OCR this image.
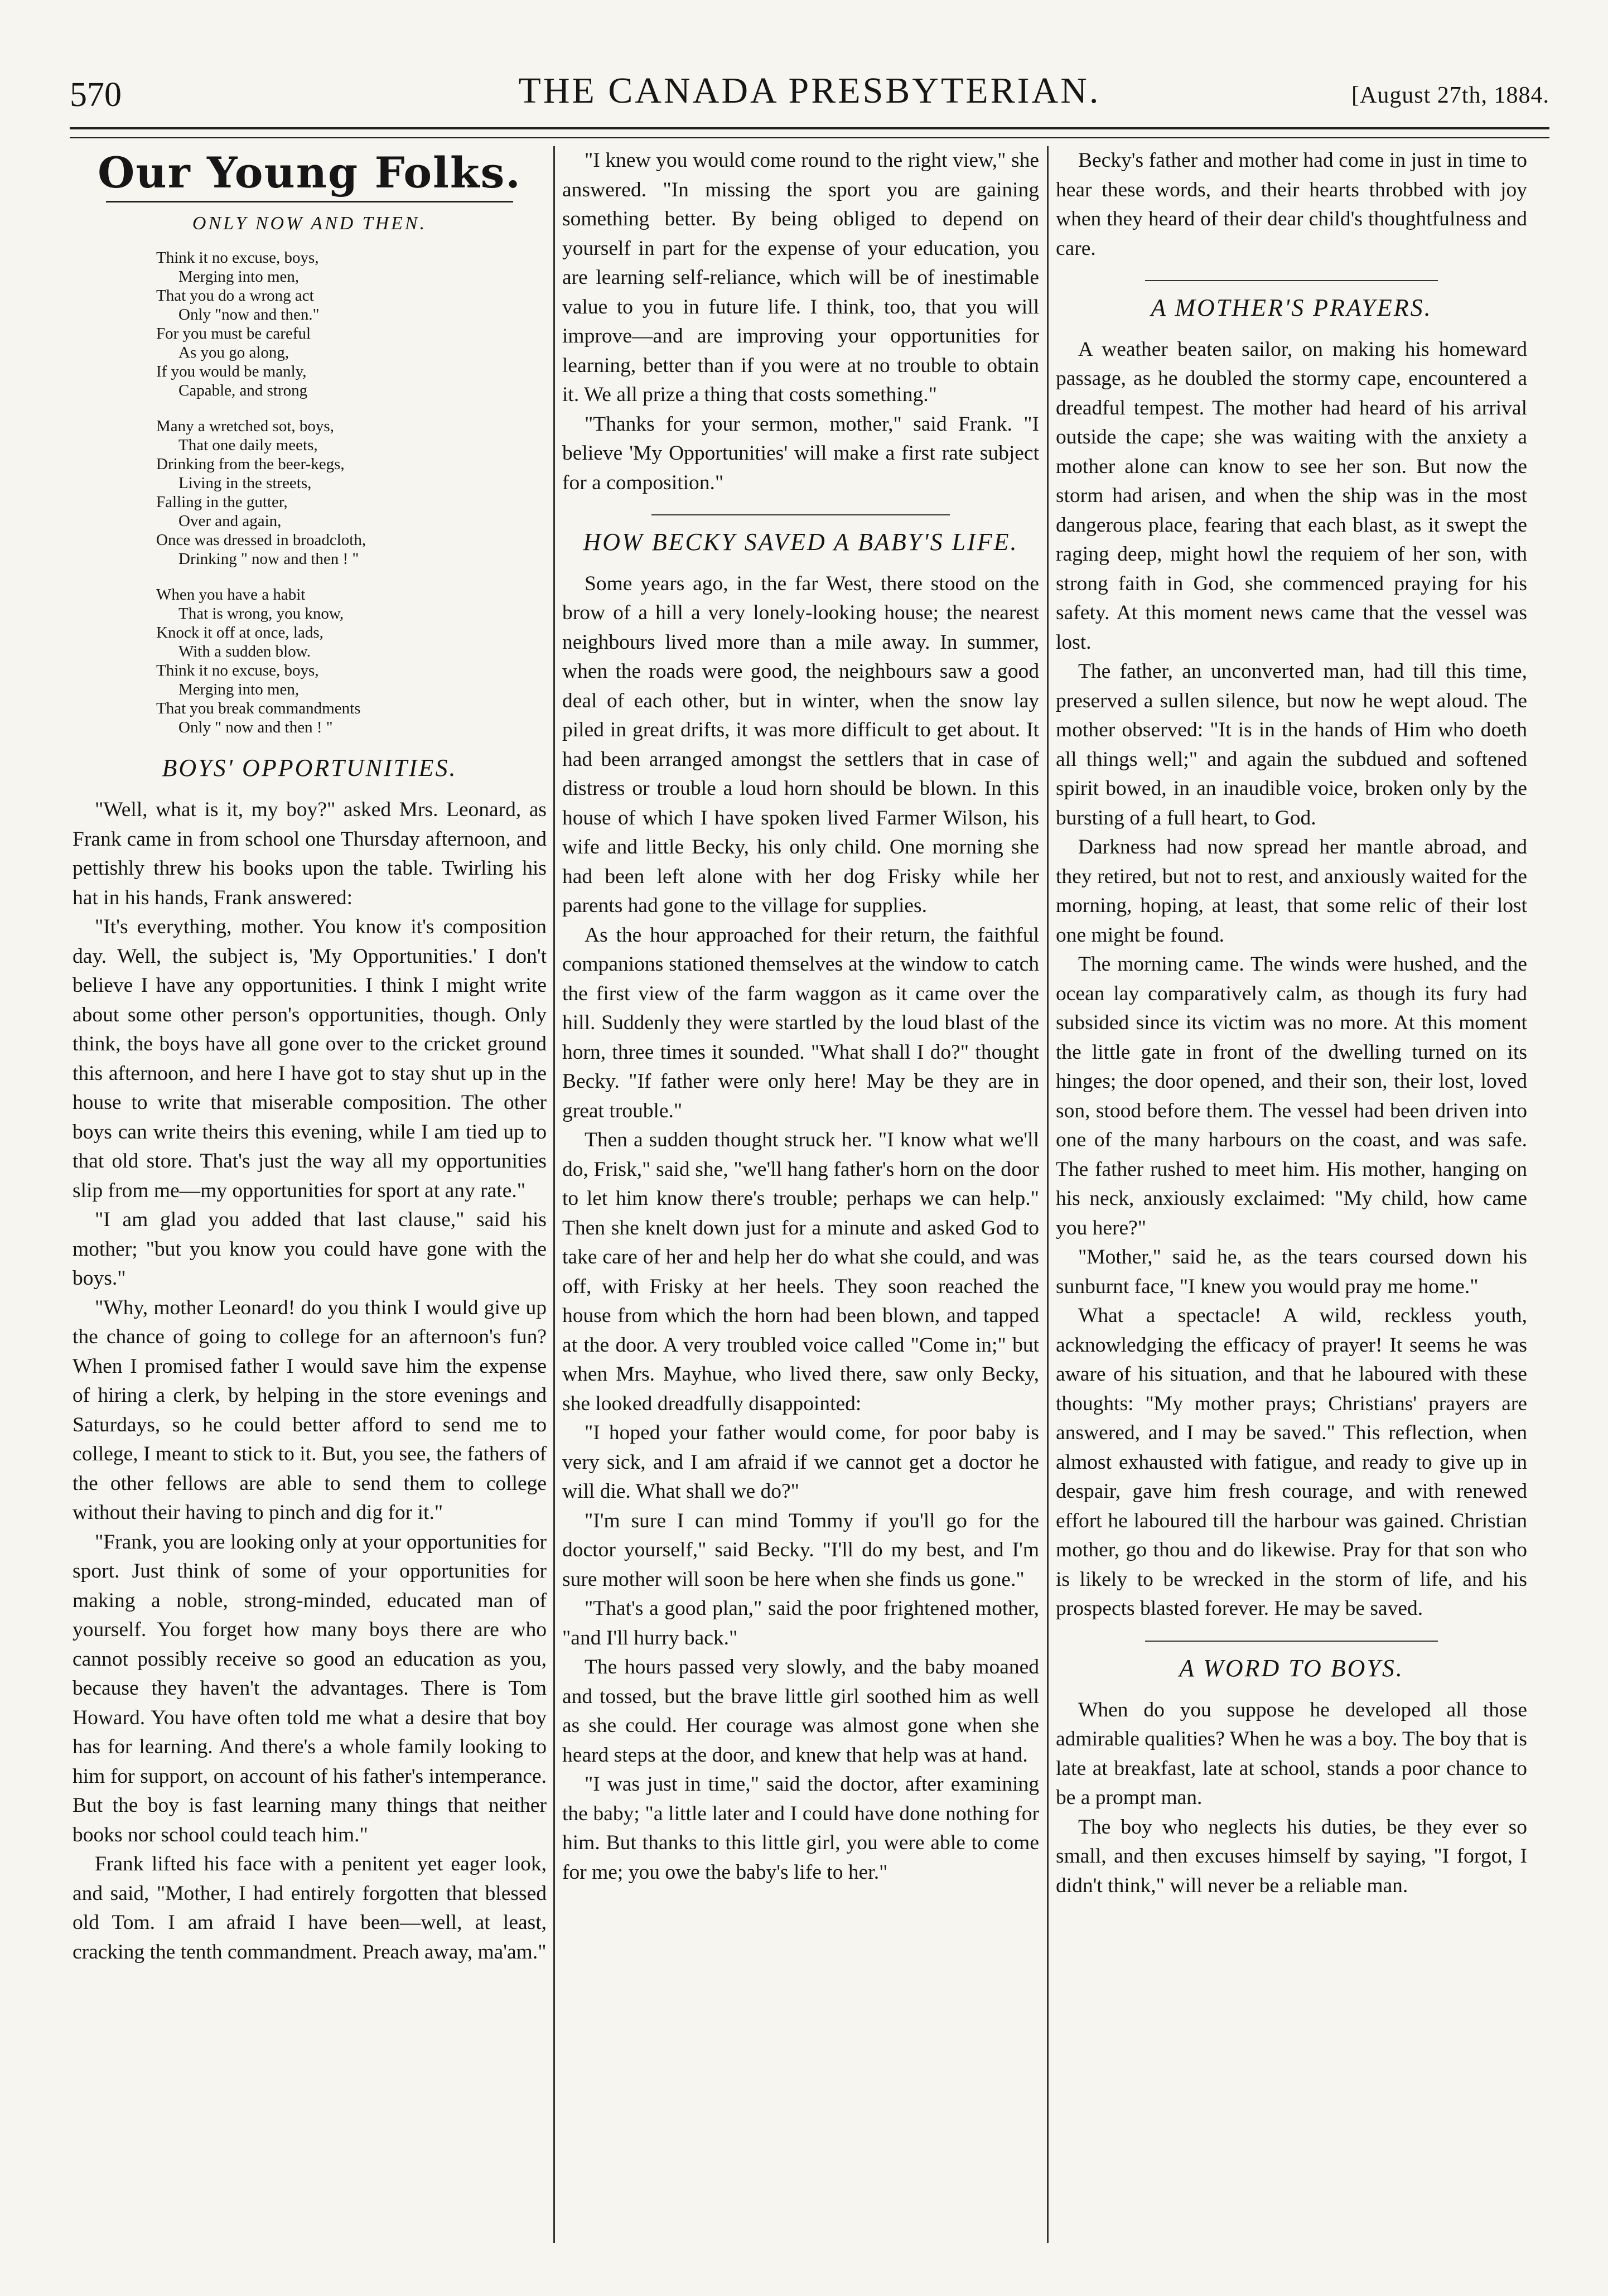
570	THE CANADA PRESBYTERIAN.	[August 27th, 1884.
Our Young Folks.
ONLY NOW AND THEN.
Think it no excuse, boys,
Merging into men,
That you do a wrong act
Only "now and then."
For you must be careful
As you go along,
If you would be manly,
Capable, and strong
Many a wretched sot, boys,
That one daily meets,
Drinking from the beer-kegs,
Living in the streets,
Falling in the gutter,
Over and again,
Once was dressed in broadcloth,
Drinking " now and then ! "
When you have a habit
That is wrong, you know,
Knock it off at once, lads,
With a sudden blow.
Think it no excuse, boys,
Merging into men,
That you break commandments
Only " now and then ! "
BOYS' OPPORTUNITIES.

"Well, what is it, my boy?" asked Mrs. Leonard, as Frank came in from school one Thursday afternoon, and pettishly threw his books upon the table. Twirling his hat in his hands, Frank answered:

"It's everything, mother. You know it's composition day. Well, the subject is, 'My Opportunities.' I don't believe I have any opportunities. I think I might write about some other person's opportunities, though. Only think, the boys have all gone over to the cricket ground this afternoon, and here I have got to stay shut up in the house to write that miserable composition. The other boys can write theirs this evening, while I am tied up to that old store. That's just the way all my opportunities slip from me—my opportunities for sport at any rate."

"I am glad you added that last clause," said his mother; "but you know you could have gone with the boys."

"Why, mother Leonard! do you think I would give up the chance of going to college for an afternoon's fun? When I promised father I would save him the expense of hiring a clerk, by helping in the store evenings and Saturdays, so he could better afford to send me to college, I meant to stick to it. But, you see, the fathers of the other fellows are able to send them to college without their having to pinch and dig for it."

"Frank, you are looking only at your opportunities for sport. Just think of some of your opportunities for making a noble, strong-minded, educated man of yourself. You forget how many boys there are who cannot possibly receive so good an education as you, because they haven't the advantages. There is Tom Howard. You have often told me what a desire that boy has for learning. And there's a whole family looking to him for support, on account of his father's intemperance. But the boy is fast learning many things that neither books nor school could teach him."

Frank lifted his face with a penitent yet eager look, and said, "Mother, I had entirely forgotten that blessed old Tom. I am afraid I have been—well, at least, cracking the tenth commandment. Preach away, ma'am."

"I knew you would come round to the right view," she answered. "In missing the sport you are gaining something better. By being obliged to depend on yourself in part for the expense of your education, you are learning self-reliance, which will be of inestimable value to you in future life. I think, too, that you will improve—and are improving your opportunities for learning, better than if you were at no trouble to obtain it. We all prize a thing that costs something."

"Thanks for your sermon, mother," said Frank. "I believe 'My Opportunities' will make a first rate subject for a composition."

HOW BECKY SAVED A BABY'S LIFE.

Some years ago, in the far West, there stood on the brow of a hill a very lonely-looking house; the nearest neighbours lived more than a mile away. In summer, when the roads were good, the neighbours saw a good deal of each other, but in winter, when the snow lay piled in great drifts, it was more difficult to get about. It had been arranged amongst the settlers that in case of distress or trouble a loud horn should be blown. In this house of which I have spoken lived Farmer Wilson, his wife and little Becky, his only child. One morning she had been left alone with her dog Frisky while her parents had gone to the village for supplies.

As the hour approached for their return, the faithful companions stationed themselves at the window to catch the first view of the farm waggon as it came over the hill. Suddenly they were startled by the loud blast of the horn, three times it sounded. "What shall I do?" thought Becky. "If father were only here! May be they are in great trouble."

Then a sudden thought struck her. "I know what we'll do, Frisk," said she, "we'll hang father's horn on the door to let him know there's trouble; perhaps we can help." Then she knelt down just for a minute and asked God to take care of her and help her do what she could, and was off, with Frisky at her heels. They soon reached the house from which the horn had been blown, and tapped at the door. A very troubled voice called "Come in;" but when Mrs. Mayhue, who lived there, saw only Becky, she looked dreadfully disappointed:

"I hoped your father would come, for poor baby is very sick, and I am afraid if we cannot get a doctor he will die. What shall we do?"

"I'm sure I can mind Tommy if you'll go for the doctor yourself," said Becky. "I'll do my best, and I'm sure mother will soon be here when she finds us gone."

"That's a good plan," said the poor frightened mother, "and I'll hurry back."

The hours passed very slowly, and the baby moaned and tossed, but the brave little girl soothed him as well as she could. Her courage was almost gone when she heard steps at the door, and knew that help was at hand.

"I was just in time," said the doctor, after examining the baby; "a little later and I could have done nothing for him. But thanks to this little girl, you were able to come for me; you owe the baby's life to her."

Becky's father and mother had come in just in time to hear these words, and their hearts throbbed with joy when they heard of their dear child's thoughtfulness and care.

A MOTHER'S PRAYERS.

A weather beaten sailor, on making his homeward passage, as he doubled the stormy cape, encountered a dreadful tempest. The mother had heard of his arrival outside the cape; she was waiting with the anxiety a mother alone can know to see her son. But now the storm had arisen, and when the ship was in the most dangerous place, fearing that each blast, as it swept the raging deep, might howl the requiem of her son, with strong faith in God, she commenced praying for his safety. At this moment news came that the vessel was lost.

The father, an unconverted man, had till this time, preserved a sullen silence, but now he wept aloud. The mother observed: "It is in the hands of Him who doeth all things well;" and again the subdued and softened spirit bowed, in an inaudible voice, broken only by the bursting of a full heart, to God.

Darkness had now spread her mantle abroad, and they retired, but not to rest, and anxiously waited for the morning, hoping, at least, that some relic of their lost one might be found.

The morning came. The winds were hushed, and the ocean lay comparatively calm, as though its fury had subsided since its victim was no more. At this moment the little gate in front of the dwelling turned on its hinges; the door opened, and their son, their lost, loved son, stood before them. The vessel had been driven into one of the many harbours on the coast, and was safe. The father rushed to meet him. His mother, hanging on his neck, anxiously exclaimed: "My child, how came you here?"

"Mother," said he, as the tears coursed down his sunburnt face, "I knew you would pray me home."

What a spectacle! A wild, reckless youth, acknowledging the efficacy of prayer! It seems he was aware of his situation, and that he laboured with these thoughts: "My mother prays; Christians' prayers are answered, and I may be saved." This reflection, when almost exhausted with fatigue, and ready to give up in despair, gave him fresh courage, and with renewed effort he laboured till the harbour was gained. Christian mother, go thou and do likewise. Pray for that son who is likely to be wrecked in the storm of life, and his prospects blasted forever. He may be saved.

A WORD TO BOYS.

When do you suppose he developed all those admirable qualities? When he was a boy. The boy that is late at breakfast, late at school, stands a poor chance to be a prompt man.

The boy who neglects his duties, be they ever so small, and then excuses himself by saying, "I forgot, I didn't think," will never be a reliable man.
